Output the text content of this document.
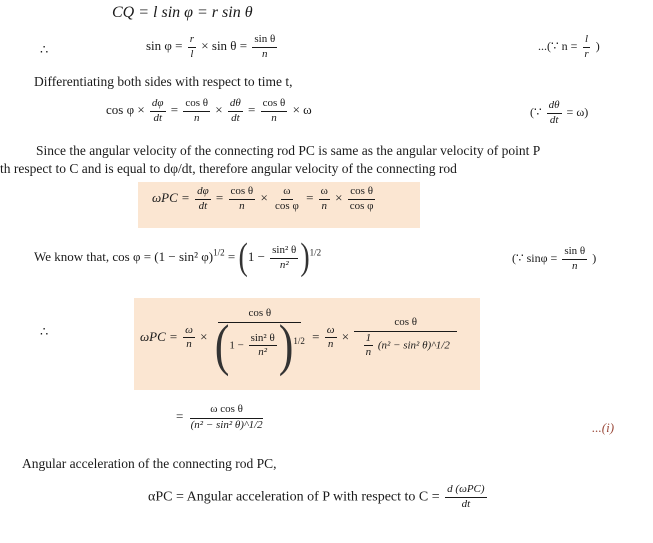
CQ = l sin φ = r sin θ
∴	$\sin \varphi = \frac{r}{l} \times \sin \theta = \frac{\text{sin θ}}{n}$	...(∵ $n = \frac{l}{r}$ )
Differentiating both sides with respect to time t,
$\cos \varphi \times \frac{d\varphi}{dt} = \frac{\text{cos θ}}{n} \times \frac{d\theta}{dt} = \frac{\text{cos θ}}{n} \times \omega$	(∵ $\frac{d\theta}{dt} = \omega$)
Since the angular velocity of the connecting rod PC is same as the angular velocity of point P
th respect to C and is equal to dφ/dt, therefore angular velocity of the connecting rod
$\omega PC = \frac{d\varphi}{dt} = \frac{\text{cos θ}}{n} \times \frac{\omega}{\text{cos φ}} = \frac{\omega}{n} \times \frac{\text{cos θ}}{\text{cos φ}}$
We know that, cos φ = (1 − sin² $\varphi)^{1/2} = (1 - \frac{\text{sin² θ}}{\text{n²}} )^{1/2}$	(∵ $\sin\varphi = \frac{\text{sin θ}}{n}$ )
∴	$\omega PC = \frac{\omega}{n} \times \frac{\text{cos θ}}{(1 - \frac{\text{sin² θ}}{\text{n²}} )^{1/2}} = \frac{\omega}{n} \times \frac{\text{cos θ}}{\frac{1}{n} (n^2 - \sin^2 \theta)\^{}1/2}$
= $\frac{\text{ω cos θ}}{\text{(n² − sin² θ)\textasciicircum{}1/2}}$	...(i)
Angular acceleration of the connecting rod PC,
αPC = Angular acceleration of P with respect to $C = \frac{\text{d (ωPC)}}{dt}$
